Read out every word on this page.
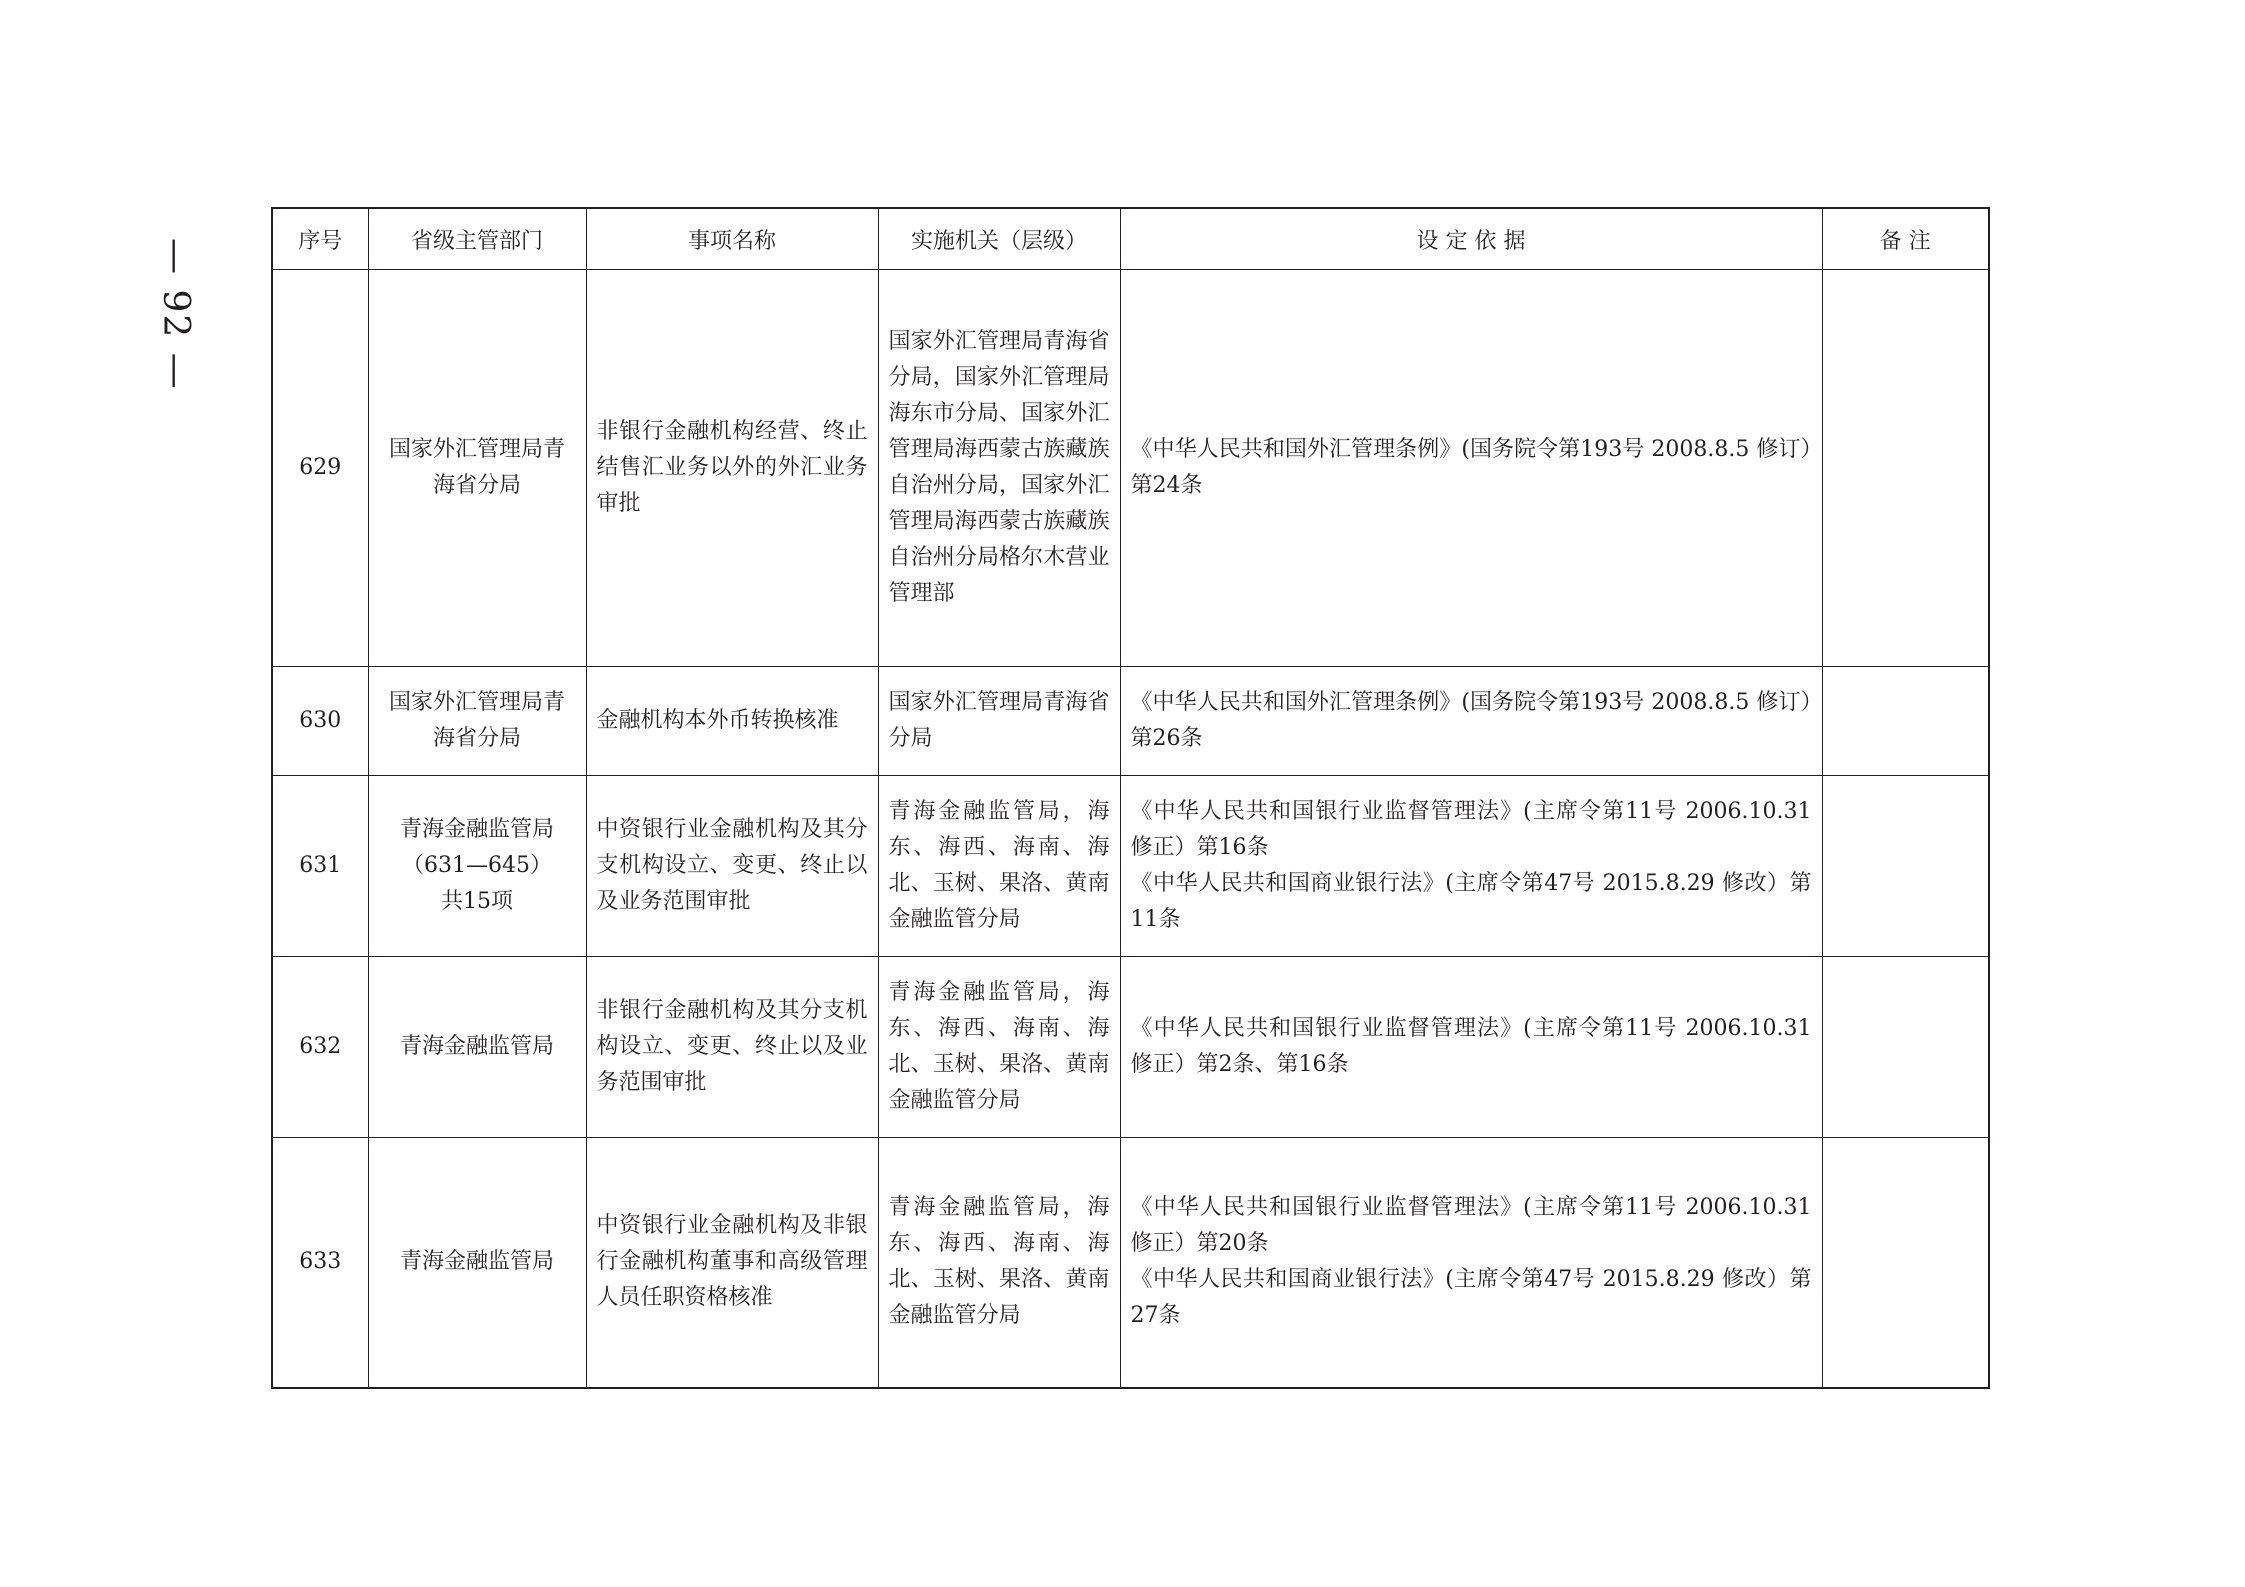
— 92 —	序号	省级主管部门	事项名称	实施机关（层级）	设 定 依 据	备 注
629	国家外汇管理局青海省分局	非银行金融机构经营、终止结售汇业务以外的外汇业务审批	国家外汇管理局青海省分局，国家外汇管理局海东市分局、国家外汇管理局海西蒙古族藏族自治州分局，国家外汇管理局海西蒙古族藏族自治州分局格尔木营业管理部	《中华人民共和国外汇管理条例》(国务院令第193号 2008.8.5 修订）第24条	

630	国家外汇管理局青海省分局	金融机构本外币转换核准	国家外汇管理局青海省分局	《中华人民共和国外汇管理条例》(国务院令第193号 2008.8.5 修订）第26条	

631	青海金融监管局
（631—645）
共15项	中资银行业金融机构及其分支机构设立、变更、终止以及业务范围审批	青海金融监管局，海东、海西、海南、海北、玉树、果洛、黄南金融监管分局	《中华人民共和国银行业监督管理法》(主席令第11号 2006.10.31 修正）第16条
《中华人民共和国商业银行法》(主席令第47号 2015.8.29 修改）第11条	

632	青海金融监管局	非银行金融机构及其分支机构设立、变更、终止以及业务范围审批	青海金融监管局，海东、海西、海南、海北、玉树、果洛、黄南金融监管分局	《中华人民共和国银行业监督管理法》(主席令第11号 2006.10.31 修正）第2条、第16条	

633	青海金融监管局	中资银行业金融机构及非银行金融机构董事和高级管理人员任职资格核准	青海金融监管局，海东、海西、海南、海北、玉树、果洛、黄南金融监管分局	《中华人民共和国银行业监督管理法》(主席令第11号 2006.10.31 修正）第20条
《中华人民共和国商业银行法》(主席令第47号 2015.8.29 修改）第27条	
